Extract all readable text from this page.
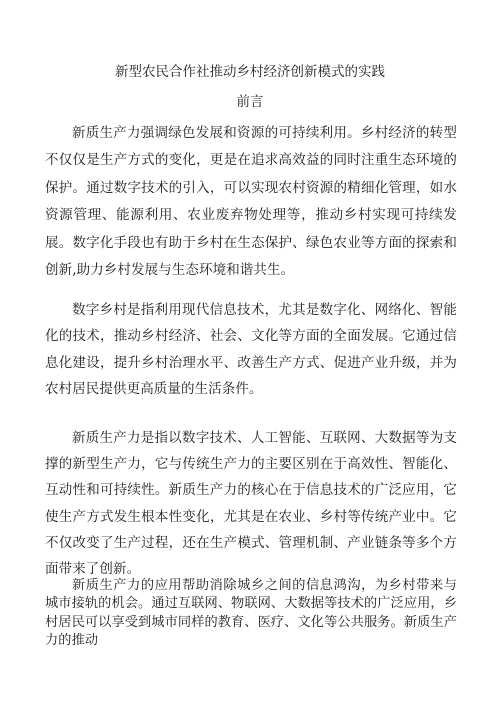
新型农民合作社推动乡村经济创新模式的实践
前言

新质生产力强调绿色发展和资源的可持续利用。乡村经济的转型不仅仅是生产方式的变化，更是在追求高效益的同时注重生态环境的保护。通过数字技术的引入，可以实现农村资源的精细化管理，如水资源管理、能源利用、农业废弃物处理等，推动乡村实现可持续发展。数字化手段也有助于乡村在生态保护、绿色农业等方面的探索和创新,助力乡村发展与生态环境和谐共生。

数字乡村是指利用现代信息技术，尤其是数字化、网络化、智能化的技术，推动乡村经济、社会、文化等方面的全面发展。它通过信息化建设，提升乡村治理水平、改善生产方式、促进产业升级，并为农村居民提供更高质量的生活条件。

新质生产力是指以数字技术、人工智能、互联网、大数据等为支撑的新型生产力，它与传统生产力的主要区别在于高效性、智能化、互动性和可持续性。新质生产力的核心在于信息技术的广泛应用，它使生产方式发生根本性变化，尤其是在农业、乡村等传统产业中。它不仅改变了生产过程，还在生产模式、管理机制、产业链条等多个方面带来了创新。

新质生产力的应用帮助消除城乡之间的信息鸿沟，为乡村带来与城市接轨的机会。通过互联网、物联网、大数据等技术的广泛应用，乡村居民可以享受到城市同样的教育、医疗、文化等公共服务。新质生产力的推动
